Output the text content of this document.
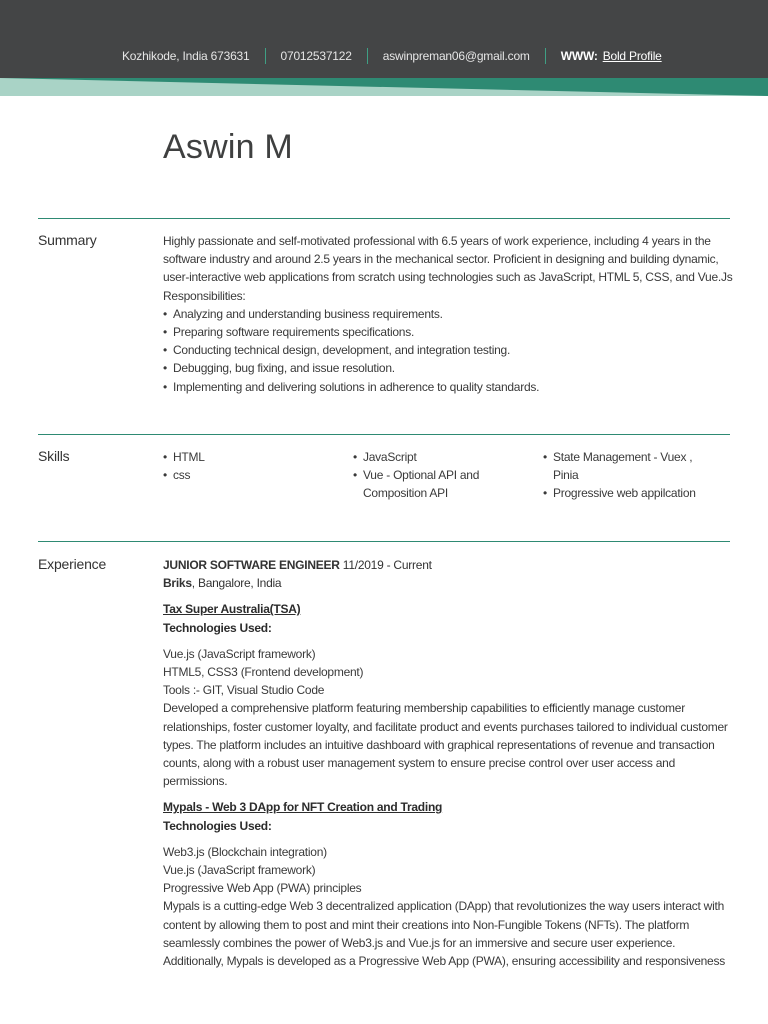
Kozhikode, India 673631	07012537122	aswinpreman06@gmail.com	WWW: Bold Profile
Aswin M
Summary	Highly passionate and self-motivated professional with 6.5 years of work experience, including 4 years in the software industry and around 2.5 years in the mechanical sector. Proficient in designing and building dynamic, user-interactive web applications from scratch using technologies such as JavaScript, HTML 5, CSS, and Vue.Js

Responsibilities:

• Analyzing and understanding business requirements.
• Preparing software requirements specifications.
• Conducting technical design, development, and integration testing.
• Debugging, bug fixing, and issue resolution.
• Implementing and delivering solutions in adherence to quality standards.
Skills
•	HTML
• css
• JavaScript
• Vue - Optional API and Composition API
• State Management - Vuex , Pinia
• Progressive web appilcation
Experience	JUNIOR SOFTWARE ENGINEER 11/2019 - Current

Briks, Bangalore, India

Tax Super Australia(TSA)

Technologies Used:

Vue.js (JavaScript framework)

HTML5, CSS3 (Frontend development)

Tools :- GIT, Visual Studio Code

Developed a comprehensive platform featuring membership capabilities to efficiently manage customer relationships, foster customer loyalty, and facilitate product and events purchases tailored to individual customer types. The platform includes an intuitive dashboard with graphical representations of revenue and transaction counts, along with a robust user management system to ensure precise control over user access and permissions.

Mypals - Web 3 DApp for NFT Creation and Trading

Technologies Used:

Web3.js (Blockchain integration)

Vue.js (JavaScript framework)

Progressive Web App (PWA) principles

Mypals is a cutting-edge Web 3 decentralized application (DApp) that revolutionizes the way users interact with content by allowing them to post and mint their creations into Non-Fungible Tokens (NFTs). The platform seamlessly combines the power of Web3.js and Vue.js for an immersive and secure user experience. Additionally, Mypals is developed as a Progressive Web App (PWA), ensuring accessibility and responsiveness
